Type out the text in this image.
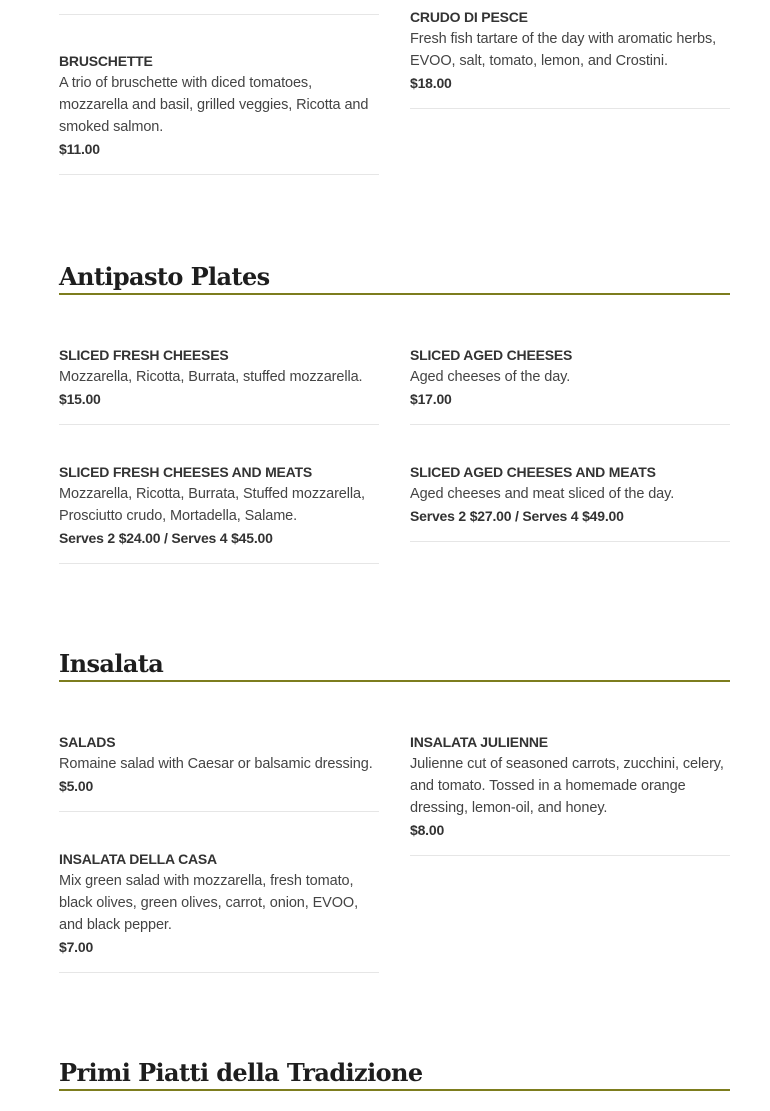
BRUSCHETTE
A trio of bruschette with diced tomatoes, mozzarella and basil, grilled veggies, Ricotta and smoked salmon.
$11.00
CRUDO DI PESCE
Fresh fish tartare of the day with aromatic herbs, EVOO, salt, tomato, lemon, and Crostini.
$18.00
Antipasto Plates
SLICED FRESH CHEESES
Mozzarella, Ricotta, Burrata, stuffed mozzarella.
$15.00
SLICED FRESH CHEESES AND MEATS
Mozzarella, Ricotta, Burrata, Stuffed mozzarella, Prosciutto crudo, Mortadella, Salame.
Serves 2 $24.00 / Serves 4 $45.00
SLICED AGED CHEESES
Aged cheeses of the day.
$17.00
SLICED AGED CHEESES AND MEATS
Aged cheeses and meat sliced of the day.
Serves 2 $27.00 / Serves 4 $49.00
Insalata
SALADS
Romaine salad with Caesar or balsamic dressing.
$5.00
INSALATA DELLA CASA
Mix green salad with mozzarella, fresh tomato, black olives, green olives, carrot, onion, EVOO, and black pepper.
$7.00
INSALATA JULIENNE
Julienne cut of seasoned carrots, zucchini, celery, and tomato. Tossed in a homemade orange dressing, lemon-oil, and honey.
$8.00
Primi Piatti della Tradizione
